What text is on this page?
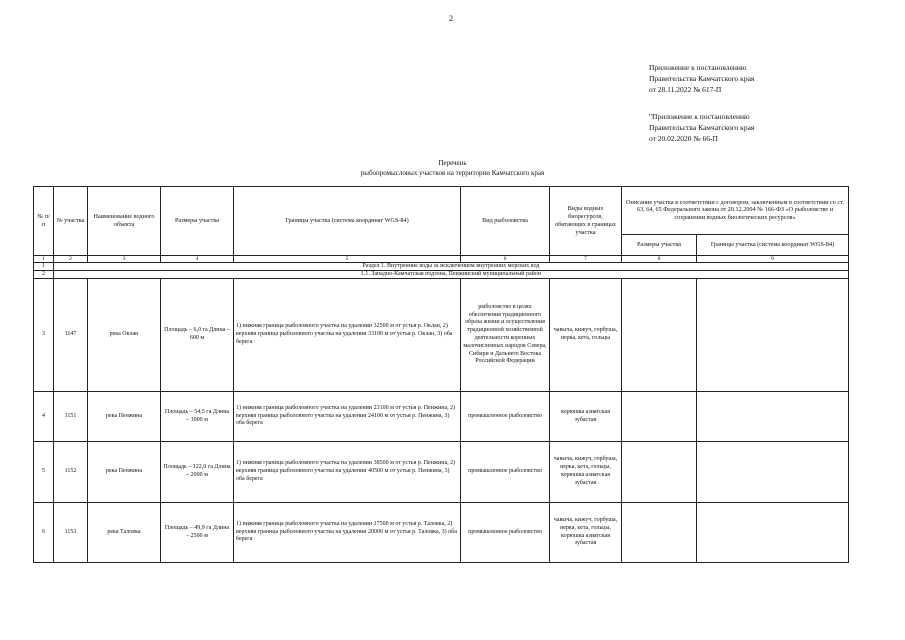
2
Приложение к постановлению
Правительства Камчатского края
от 28.11.2022 № 617-П
"Приложение к постановлению
Правительства Камчатского края
от 20.02.2020 № 66-П
Перечень
рыбопромысловых участков на территории Камчатского края
№ п/п	№ участка	Наименование водного объекта	Размеры участка	Границы участка (система координат WGS-84)	Вид рыболовства	Виды водных биоресурсов, обитающих в границах участка	Описание участка в соответствии с договором, заключенным в соответствии со ст. 63, 64, 65 Федерального закона от 20.12.2004 № 166-ФЗ «О рыболовстве и сохранении водных биологических ресурсов»	
							Размеры участка	Границы участка (система координат WGS-84)
1	2	3	4	5	6	7	8	9
1	Раздел 1. Внутренние воды за исключением внутренних морских вод							
2	1.1. Западно-Камчатская подзона, Пенжинский муниципальный район							
3	1147	река Оклан	Площадь – 6,0 га Длина – 600 м	1) нижняя граница рыболовного участка на удалении 32500 м от устья р. Оклан, 2) верхняя граница рыболовного участка на удалении 33100 м от устья р. Оклан, 3) оба берега	рыболовство в целях обеспечения традиционного образа жизни и осуществления традиционной хозяйственной деятельности коренных малочисленных народов Севера, Сибири и Дальнего Востока Российской Федерации	чавыча, кижуч, горбуша, нерка, кета, гольцы		
4	1151	река Пенжина	Площадь – 54,5 га Длина – 1000 м	1) нижняя граница рыболовного участка на удалении 23100 м от устья р. Пенжина, 2) верхняя граница рыболовного участка на удалении 24100 м от устья р. Пенжина, 3) оба берега	промышленное рыболовство	корюшка азиатская зубастая		
5	1152	река Пенжина	Площадь – 122,0 га Длина – 2000 м	1) нижняя граница рыболовного участка на удалении 38500 м от устья р. Пенжина, 2) верхняя граница рыболовного участка на удалении 40500 м от устья р. Пенжина, 3) оба берега	промышленное рыболовство	чавыча, кижуч, горбуша, нерка, кета, гольцы, корюшка азиатская зубастая		
6	1153	река Таловка	Площадь – 49,9 га Длина – 2500 м	1) нижняя граница рыболовного участка на удалении 17500 м от устья р. Таловка, 2) верхняя граница рыболовного участка на удалении 20000 м от устья р. Таловка, 3) оба берега	промышленное рыболовство	чавыча, кижуч, горбуша, нерка, кета, гольцы, корюшка азиатская зубастая		
